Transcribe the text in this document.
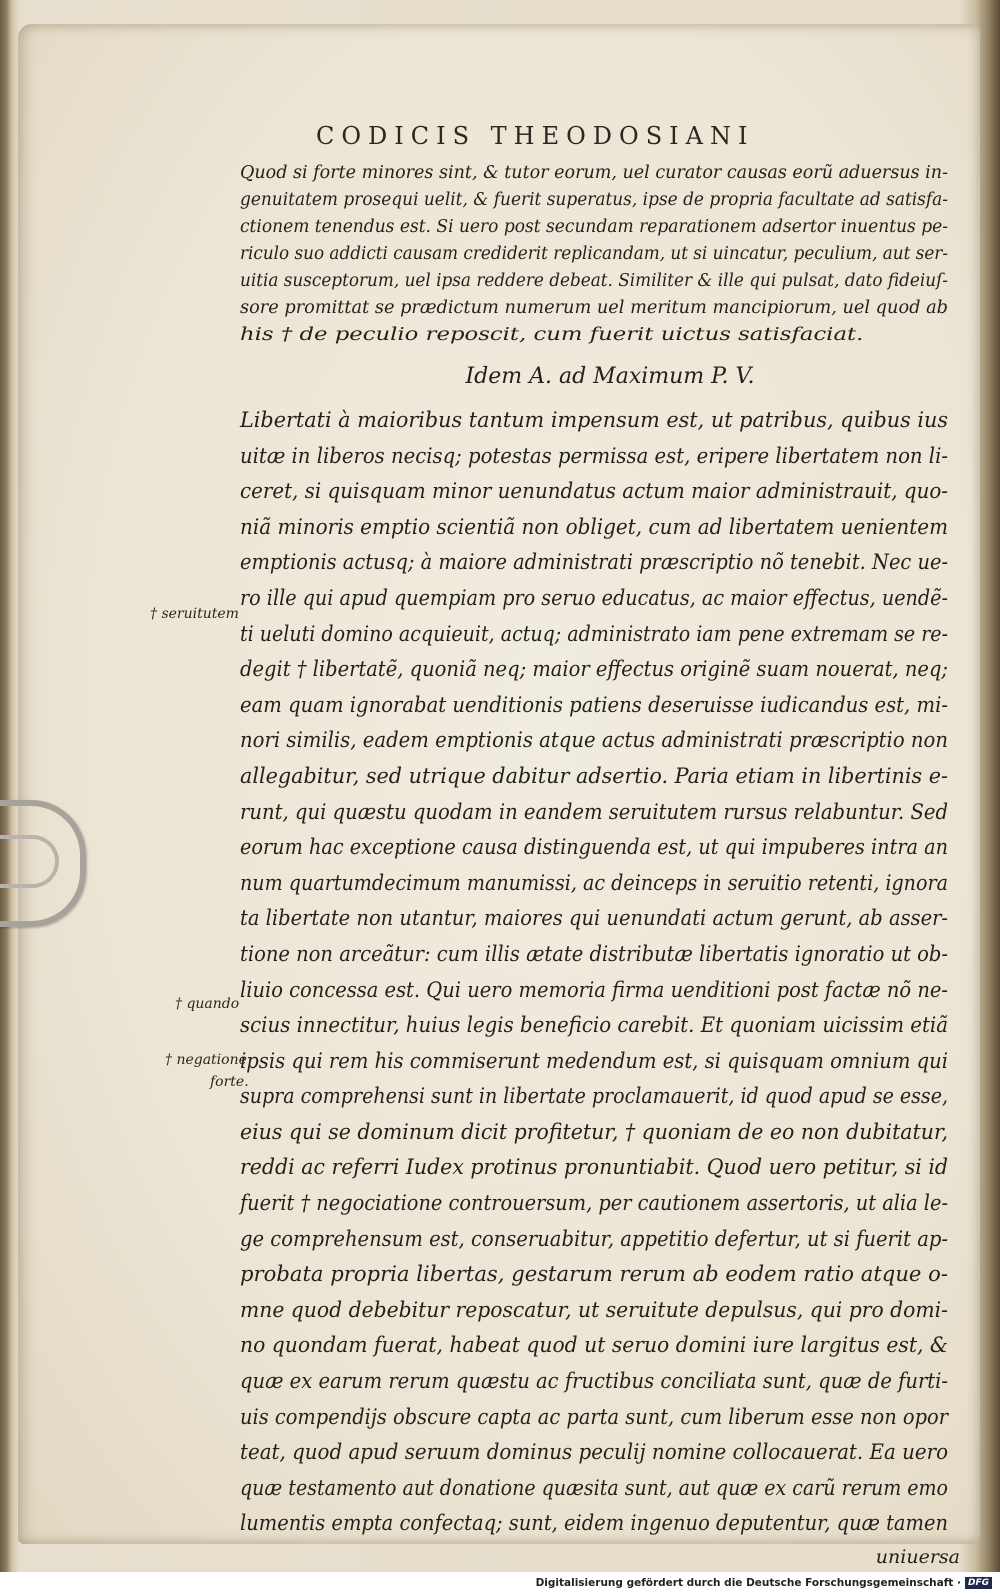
CODICIS THEODOSIANI
Quod si forte minores sint, & tutor eorum, uel curator causas eorũ aduersus in-
genuitatem prosequi uelit, & fuerit superatus, ipse de propria facultate ad satisfa-
ctionem tenendus est. Si uero post secundam reparationem adsertor inuentus pe-
riculo suo addicti causam crediderit replicandam, ut si uincatur, peculium, aut ser-
uitia susceptorum, uel ipsa reddere debeat. Similiter & ille qui pulsat, dato fideiuſ-
sore promittat se prædictum numerum uel meritum mancipiorum, uel quod ab
his † de peculio reposcit, cum fuerit uictus satisfaciat.
Idem A. ad Maximum P. V.
Libertati à maioribus tantum impensum est, ut patribus, quibus ius
uitæ in liberos necisq; potestas permissa est, eripere libertatem non li-
ceret, si quisquam minor uenundatus actum maior administrauit, quo-
niã minoris emptio scientiã non obliget, cum ad libertatem uenientem
emptionis actusq; à maiore administrati præscriptio nõ tenebit. Nec ue-
ro ille qui apud quempiam pro seruo educatus, ac maior effectus, uendẽ-
ti ueluti domino acquieuit, actuq; administrato iam pene extremam se re-
degit † libertatẽ, quoniã neq; maior effectus originẽ suam nouerat, neq;
eam quam ignorabat uenditionis patiens deseruisse iudicandus est, mi-
nori similis, eadem emptionis atque actus administrati præscriptio non
allegabitur, sed utrique dabitur adsertio. Paria etiam in libertinis e-
runt, qui quæstu quodam in eandem seruitutem rursus relabuntur. Sed
eorum hac exceptione causa distinguenda est, ut qui impuberes intra an
num quartumdecimum manumissi, ac deinceps in seruitio retenti, ignora
ta libertate non utantur, maiores qui uenundati actum gerunt, ab asser-
tione non arceãtur: cum illis ætate distributæ libertatis ignoratio ut ob-
liuio concessa est. Qui uero memoria firma uenditioni post factæ nõ ne-
scius innectitur, huius legis beneficio carebit. Et quoniam uicissim etiã
ipsis qui rem his commiserunt medendum est, si quisquam omnium qui
supra comprehensi sunt in libertate proclamauerit, id quod apud se esse,
eius qui se dominum dicit profitetur, † quoniam de eo non dubitatur,
reddi ac referri Iudex protinus pronuntiabit. Quod uero petitur, si id
fuerit † negociatione controuersum, per cautionem assertoris, ut alia le-
ge comprehensum est, conseruabitur, appetitio defertur, ut si fuerit ap-
probata propria libertas, gestarum rerum ab eodem ratio atque o-
mne quod debebitur reposcatur, ut seruitute depulsus, qui pro domi-
no quondam fuerat, habeat quod ut seruo domini iure largitus est, &
quæ ex earum rerum quæstu ac fructibus conciliata sunt, quæ de furti-
uis compendijs obscure capta ac parta sunt, cum liberum esse non opor
teat, quod apud seruum dominus peculij nomine collocauerat. Ea uero
quæ testamento aut donatione quæsita sunt, aut quæ ex carũ rerum emo
lumentis empta confectaq; sunt, eidem ingenuo deputentur, quæ tamen
uniuersa
† seruitutem
† quando
† negatione
forte.
Digitalisierung gefördert durch die Deutsche Forschungsgemeinschaft · DFG
